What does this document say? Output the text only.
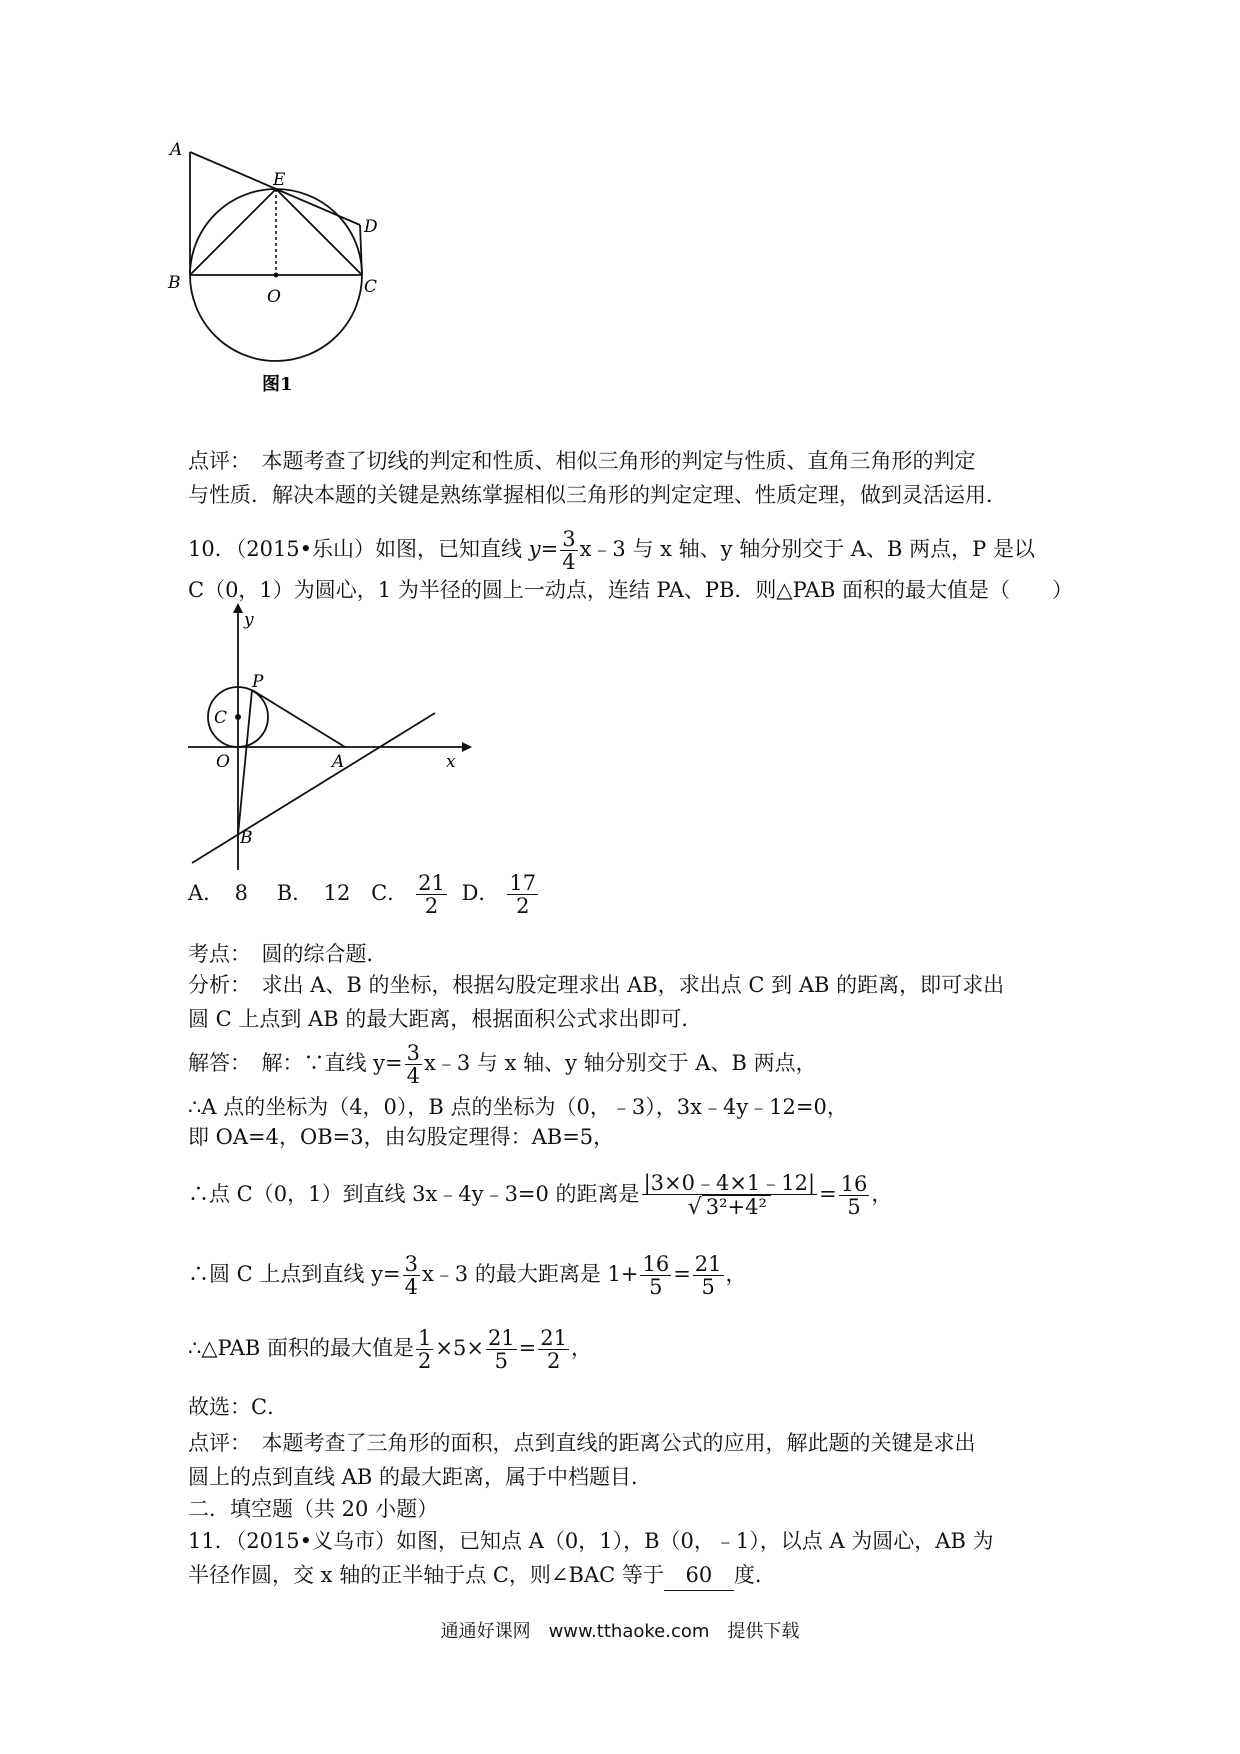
A
E
D
B
O	C
图1
点评：　本题考查了切线的判定和性质、相似三角形的判定与性质、直角三角形的判定
与性质．解决本题的关键是熟练掌握相似三角形的判定定理、性质定理，做到灵活运用．
10．（2015•乐山）如图，已知直线 $y= \frac{3}{4}$ x﹣3 与 x 轴、y 轴分别交于 A、B 两点，P 是以
C（0，1）为圆心，1 为半径的圆上一动点，连结 PA、PB．则△PAB 面积的最大值是（　　）
y
P
C
O	A	x
B
A．　8 B．　12 C． $\frac{21}{2}$ D． $\frac{17}{2}$
考点：　圆的综合题．
分析：　求出 A、B 的坐标，根据勾股定理求出 AB，求出点 C 到 AB 的距离，即可求出
圆 C 上点到 AB 的最大距离，根据面积公式求出即可．
解答：　解：∵直线 $y= \frac{3}{4}$ x﹣3 与 x 轴、y 轴分别交于 A、B 两点，
∴A 点的坐标为（4，0），B 点的坐标为（0，﹣3），3x﹣4y﹣12=0，
即 OA=4，OB=3，由勾股定理得：AB=5，
∴点 C（0，1）到直线 3x﹣4y﹣3=0 的距离是 $\frac{|3\times 0﹣4\times 1﹣12|}{\text{√ 3²+4²}} = \frac{16}{5}$ ，
∴圆 C 上点到直线 $y= \frac{3}{4}$ x﹣3 的最大距离是 $1+ \frac{16}{5} = \frac{21}{5}$ ，
∴△PAB 面积的最大值是 $\frac{1}{2} \times 5\times \frac{21}{5} = \frac{21}{2}$ ，
故选：C．
点评：　本题考查了三角形的面积，点到直线的距离公式的应用，解此题的关键是求出
圆上的点到直线 AB 的最大距离，属于中档题目．
二．填空题（共 20 小题）
11．（2015•义乌市）如图，已知点 A（0，1），B（0，﹣1），以点 A 为圆心，AB 为
半径作圆，交 x 轴的正半轴于点 C，则∠BAC 等于 60 度．
通通好课网　www.tthaoke.com　提供下载
